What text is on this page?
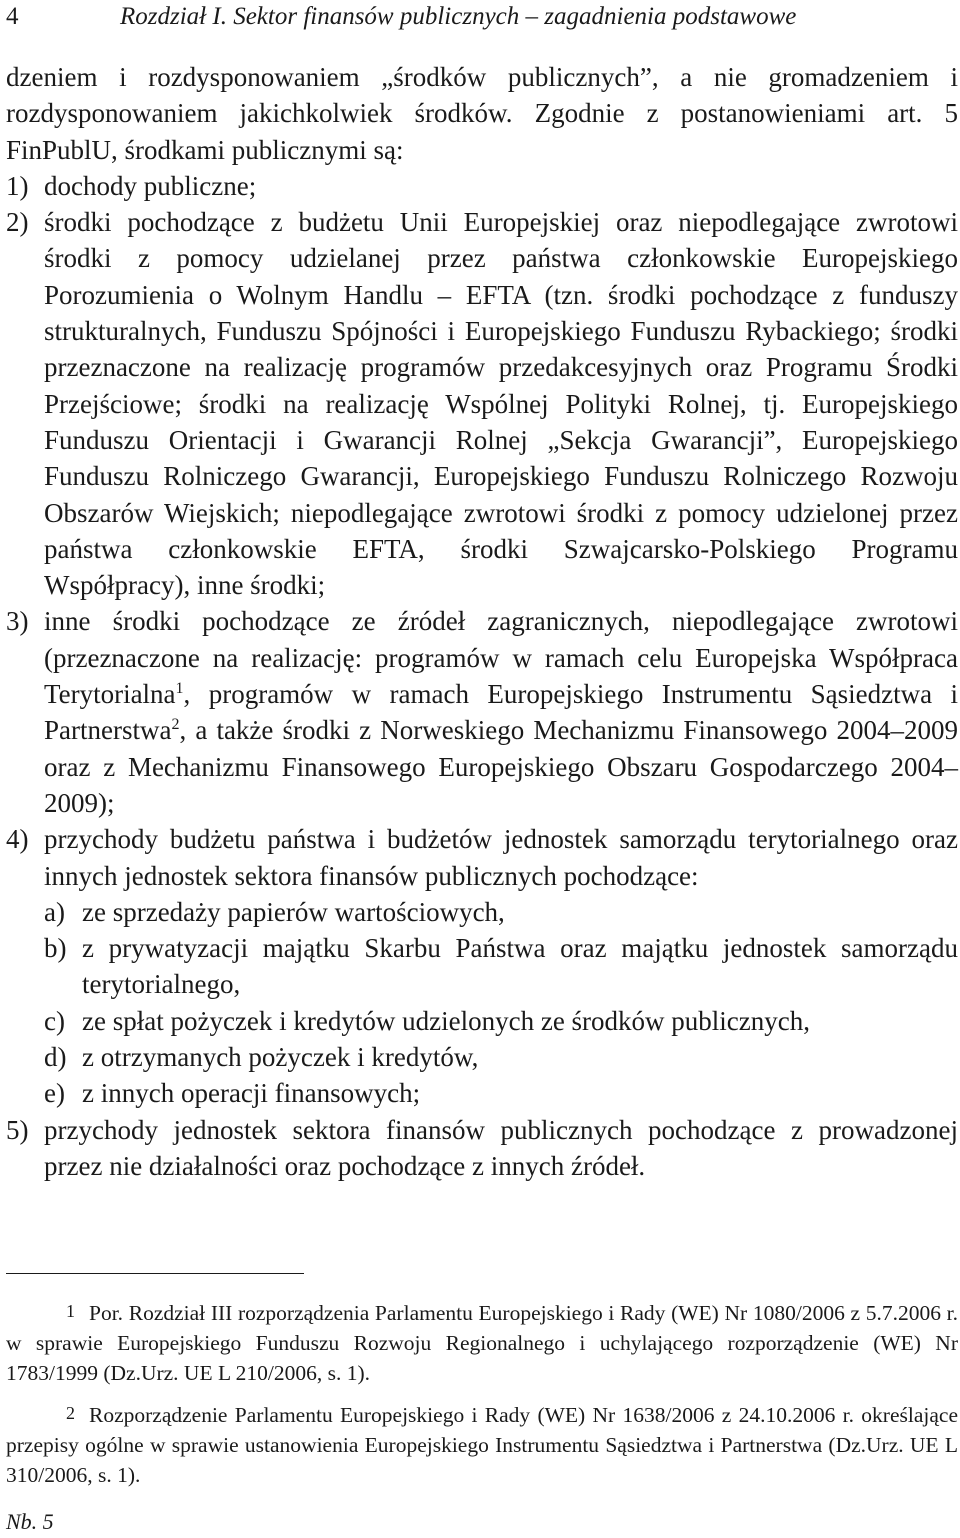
4	Rozdział I. Sektor finansów publicznych – zagadnienia podstawowe

dzeniem i rozdysponowaniem „środków publicznych”, a nie gromadzeniem i rozdysponowaniem jakichkolwiek środków. Zgodnie z postanowieniami art. 5 FinPublU, środkami publicznymi są:

1) dochody publiczne;
2) środki pochodzące z budżetu Unii Europejskiej oraz niepodlegające zwrotowi środki z pomocy udzielanej przez państwa członkowskie Europejskiego Porozumienia o Wolnym Handlu – EFTA (tzn. środki pochodzące z funduszy strukturalnych, Funduszu Spójności i Europejskiego Funduszu Rybackiego; środki przeznaczone na realizację programów przedakcesyjnych oraz Programu Środki Przejściowe; środki na realizację Wspólnej Polityki Rolnej, tj. Europejskiego Funduszu Orientacji i Gwarancji Rolnej „Sekcja Gwarancji”, Europejskiego Funduszu Rolniczego Gwarancji, Europejskiego Funduszu Rolniczego Rozwoju Obszarów Wiejskich; niepodlegające zwrotowi środki z pomocy udzielonej przez państwa członkowskie EFTA, środki Szwajcarsko-Polskiego Programu Współpracy), inne środki;
3) inne środki pochodzące ze źródeł zagranicznych, niepodlegające zwrotowi (przeznaczone na realizację: programów w ramach celu Europejska Współpraca Terytorialna$^1$, programów w ramach Europejskiego Instrumentu Sąsiedztwa i Partnerstwa$^2$, a także środki z Norweskiego Mechanizmu Finansowego 2004–2009 oraz z Mechanizmu Finansowego Europejskiego Obszaru Gospodarczego 2004–2009);
4) przychody budżetu państwa i budżetów jednostek samorządu terytorialnego oraz innych jednostek sektora finansów publicznych pochodzące:
a) ze sprzedaży papierów wartościowych,
b) z prywatyzacji majątku Skarbu Państwa oraz majątku jednostek samorządu terytorialnego,
c) ze spłat pożyczek i kredytów udzielonych ze środków publicznych,
d) z otrzymanych pożyczek i kredytów,
e) z innych operacji finansowych;
5) przychody jednostek sektora finansów publicznych pochodzące z prowadzonej przez nie działalności oraz pochodzące z innych źródeł.

1 Por. Rozdział III rozporządzenia Parlamentu Europejskiego i Rady (WE) Nr 1080/2006 z 5.7.2006 r. w sprawie Europejskiego Funduszu Rozwoju Regionalnego i uchylającego rozporządzenie (WE) Nr 1783/1999 (Dz.Urz. UE L 210/2006, s. 1).

2 Rozporządzenie Parlamentu Europejskiego i Rady (WE) Nr 1638/2006 z 24.10.2006 r. określające przepisy ogólne w sprawie ustanowienia Europejskiego Instrumentu Sąsiedztwa i Partnerstwa (Dz.Urz. UE L 310/2006, s. 1).

Nb. 5
